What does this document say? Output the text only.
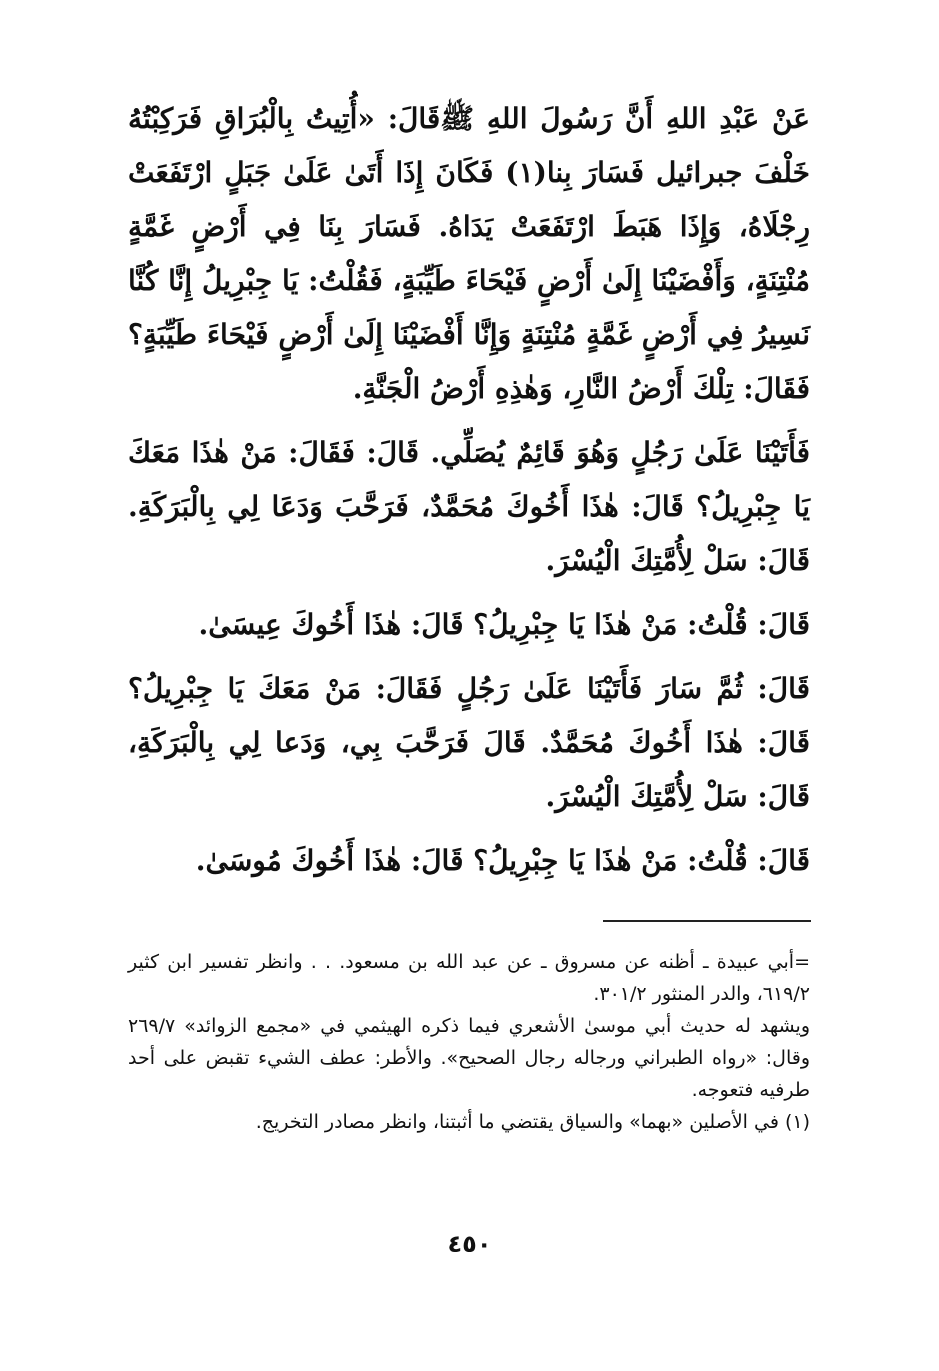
عَنْ عَبْدِ اللهِ أَنَّ رَسُولَ اللهِ ﷺقَالَ: «أُتِيتُ بِالْبُرَاقِ فَرَكِبْتُهُ خَلْفَ جبرائيل فَسَارَ بِنا(١) فَكَانَ إِذَا أَتَىٰ عَلَىٰ جَبَلٍ ارْتَفَعَتْ رِجْلَاهُ، وَإِذَا هَبَطَ ارْتَفَعَتْ يَدَاهُ. فَسَارَ بِنَا فِي أَرْضٍ غَمَّةٍ مُنْتِنَةٍ، وَأَفْضَيْنَا إِلَىٰ أَرْضٍ فَيْحَاءَ طَيِّبَةٍ، فَقُلْتُ: يَا جِبْرِيلُ إِنَّا كُنَّا نَسِيرُ فِي أَرْضٍ غَمَّةٍ مُنْتِنَةٍ وَإِنَّا أَفْضَيْنَا إِلَىٰ أَرْضٍ فَيْحَاءَ طَيِّبَةٍ؟ فَقَالَ: تِلْكَ أَرْضُ النَّارِ، وَهٰذِهِ أَرْضُ الْجَنَّةِ.

فَأَتَيْنَا عَلَىٰ رَجُلٍ وَهُوَ قَائِمٌ يُصَلِّي. قَالَ: فَقَالَ: مَنْ هٰذَا مَعَكَ يَا جِبْرِيلُ؟ قَالَ: هٰذَا أَخُوكَ مُحَمَّدٌ، فَرَحَّبَ وَدَعَا لِي بِالْبَرَكَةِ. قَالَ: سَلْ لِأُمَّتِكَ الْيُسْرَ.

قَالَ: قُلْتُ: مَنْ هٰذَا يَا جِبْرِيلُ؟ قَالَ: هٰذَا أَخُوكَ عِيسَىٰ.

قَالَ: ثُمَّ سَارَ فَأَتَيْنَا عَلَىٰ رَجُلٍ فَقَالَ: مَنْ مَعَكَ يَا جِبْرِيلُ؟ قَالَ: هٰذَا أَخُوكَ مُحَمَّدٌ. قَالَ فَرَحَّبَ بِي، وَدَعا لِي بِالْبَرَكَةِ، قَالَ: سَلْ لِأُمَّتِكَ الْيُسْرَ.

قَالَ: قُلْتُ: مَنْ هٰذَا يَا جِبْرِيلُ؟ قَالَ: هٰذَا أَخُوكَ مُوسَىٰ.

=أبي عبيدة ـ أظنه عن مسروق ـ عن عبد الله بن مسعود. . . وانظر تفسير ابن كثير ٦١٩/٢، والدر المنثور ٣٠١/٢.

ويشهد له حديث أبي موسىٰ الأشعري فيما ذكره الهيثمي في «مجمع الزوائد» ٢٦٩/٧ وقال: «رواه الطبراني ورجاله رجال الصحيح». والأطر: عطف الشيء تقبض على أحد طرفيه فتعوجه.

(١) في الأصلين «بهما» والسياق يقتضي ما أثبتنا، وانظر مصادر التخريج.

٤٥٠
